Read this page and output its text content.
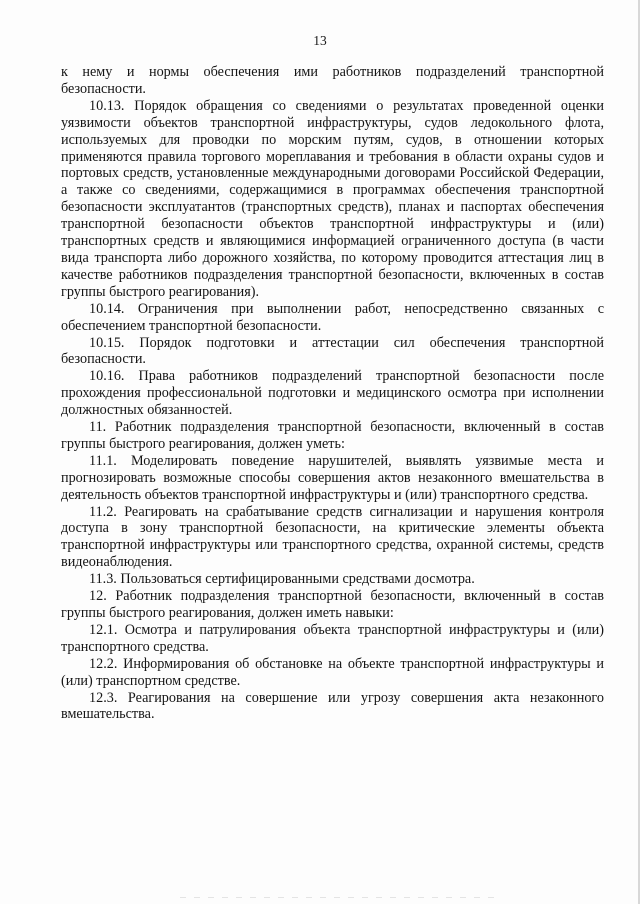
13

к нему и нормы обеспечения ими работников подразделений транспортной безопасности.

10.13. Порядок обращения со сведениями о результатах проведенной оценки уязвимости объектов транспортной инфраструктуры, судов ледокольного флота, используемых для проводки по морским путям, судов, в отношении которых применяются правила торгового мореплавания и требования в области охраны судов и портовых средств, установленные международными договорами Российской Федерации, а также со сведениями, содержащимися в программах обеспечения транспортной безопасности эксплуатантов (транспортных средств), планах и паспортах обеспечения транспортной безопасности объектов транспортной инфраструктуры и (или) транспортных средств и являющимися информацией ограниченного доступа (в части вида транспорта либо дорожного хозяйства, по которому проводится аттестация лиц в качестве работников подразделения транспортной безопасности, включенных в состав группы быстрого реагирования).

10.14. Ограничения при выполнении работ, непосредственно связанных с обеспечением транспортной безопасности.

10.15. Порядок подготовки и аттестации сил обеспечения транспортной безопасности.

10.16. Права работников подразделений транспортной безопасности после прохождения профессиональной подготовки и медицинского осмотра при исполнении должностных обязанностей.

11. Работник подразделения транспортной безопасности, включенный в состав группы быстрого реагирования, должен уметь:

11.1. Моделировать поведение нарушителей, выявлять уязвимые места и прогнозировать возможные способы совершения актов незаконного вмешательства в деятельность объектов транспортной инфраструктуры и (или) транспортного средства.

11.2. Реагировать на срабатывание средств сигнализации и нарушения контроля доступа в зону транспортной безопасности, на критические элементы объекта транспортной инфраструктуры или транспортного средства, охранной системы, средств видеонаблюдения.

11.3. Пользоваться сертифицированными средствами досмотра.

12. Работник подразделения транспортной безопасности, включенный в состав группы быстрого реагирования, должен иметь навыки:

12.1. Осмотра и патрулирования объекта транспортной инфраструктуры и (или) транспортного средства.

12.2. Информирования об обстановке на объекте транспортной инфраструктуры и (или) транспортном средстве.

12.3. Реагирования на совершение или угрозу совершения акта незаконного вмешательства.
